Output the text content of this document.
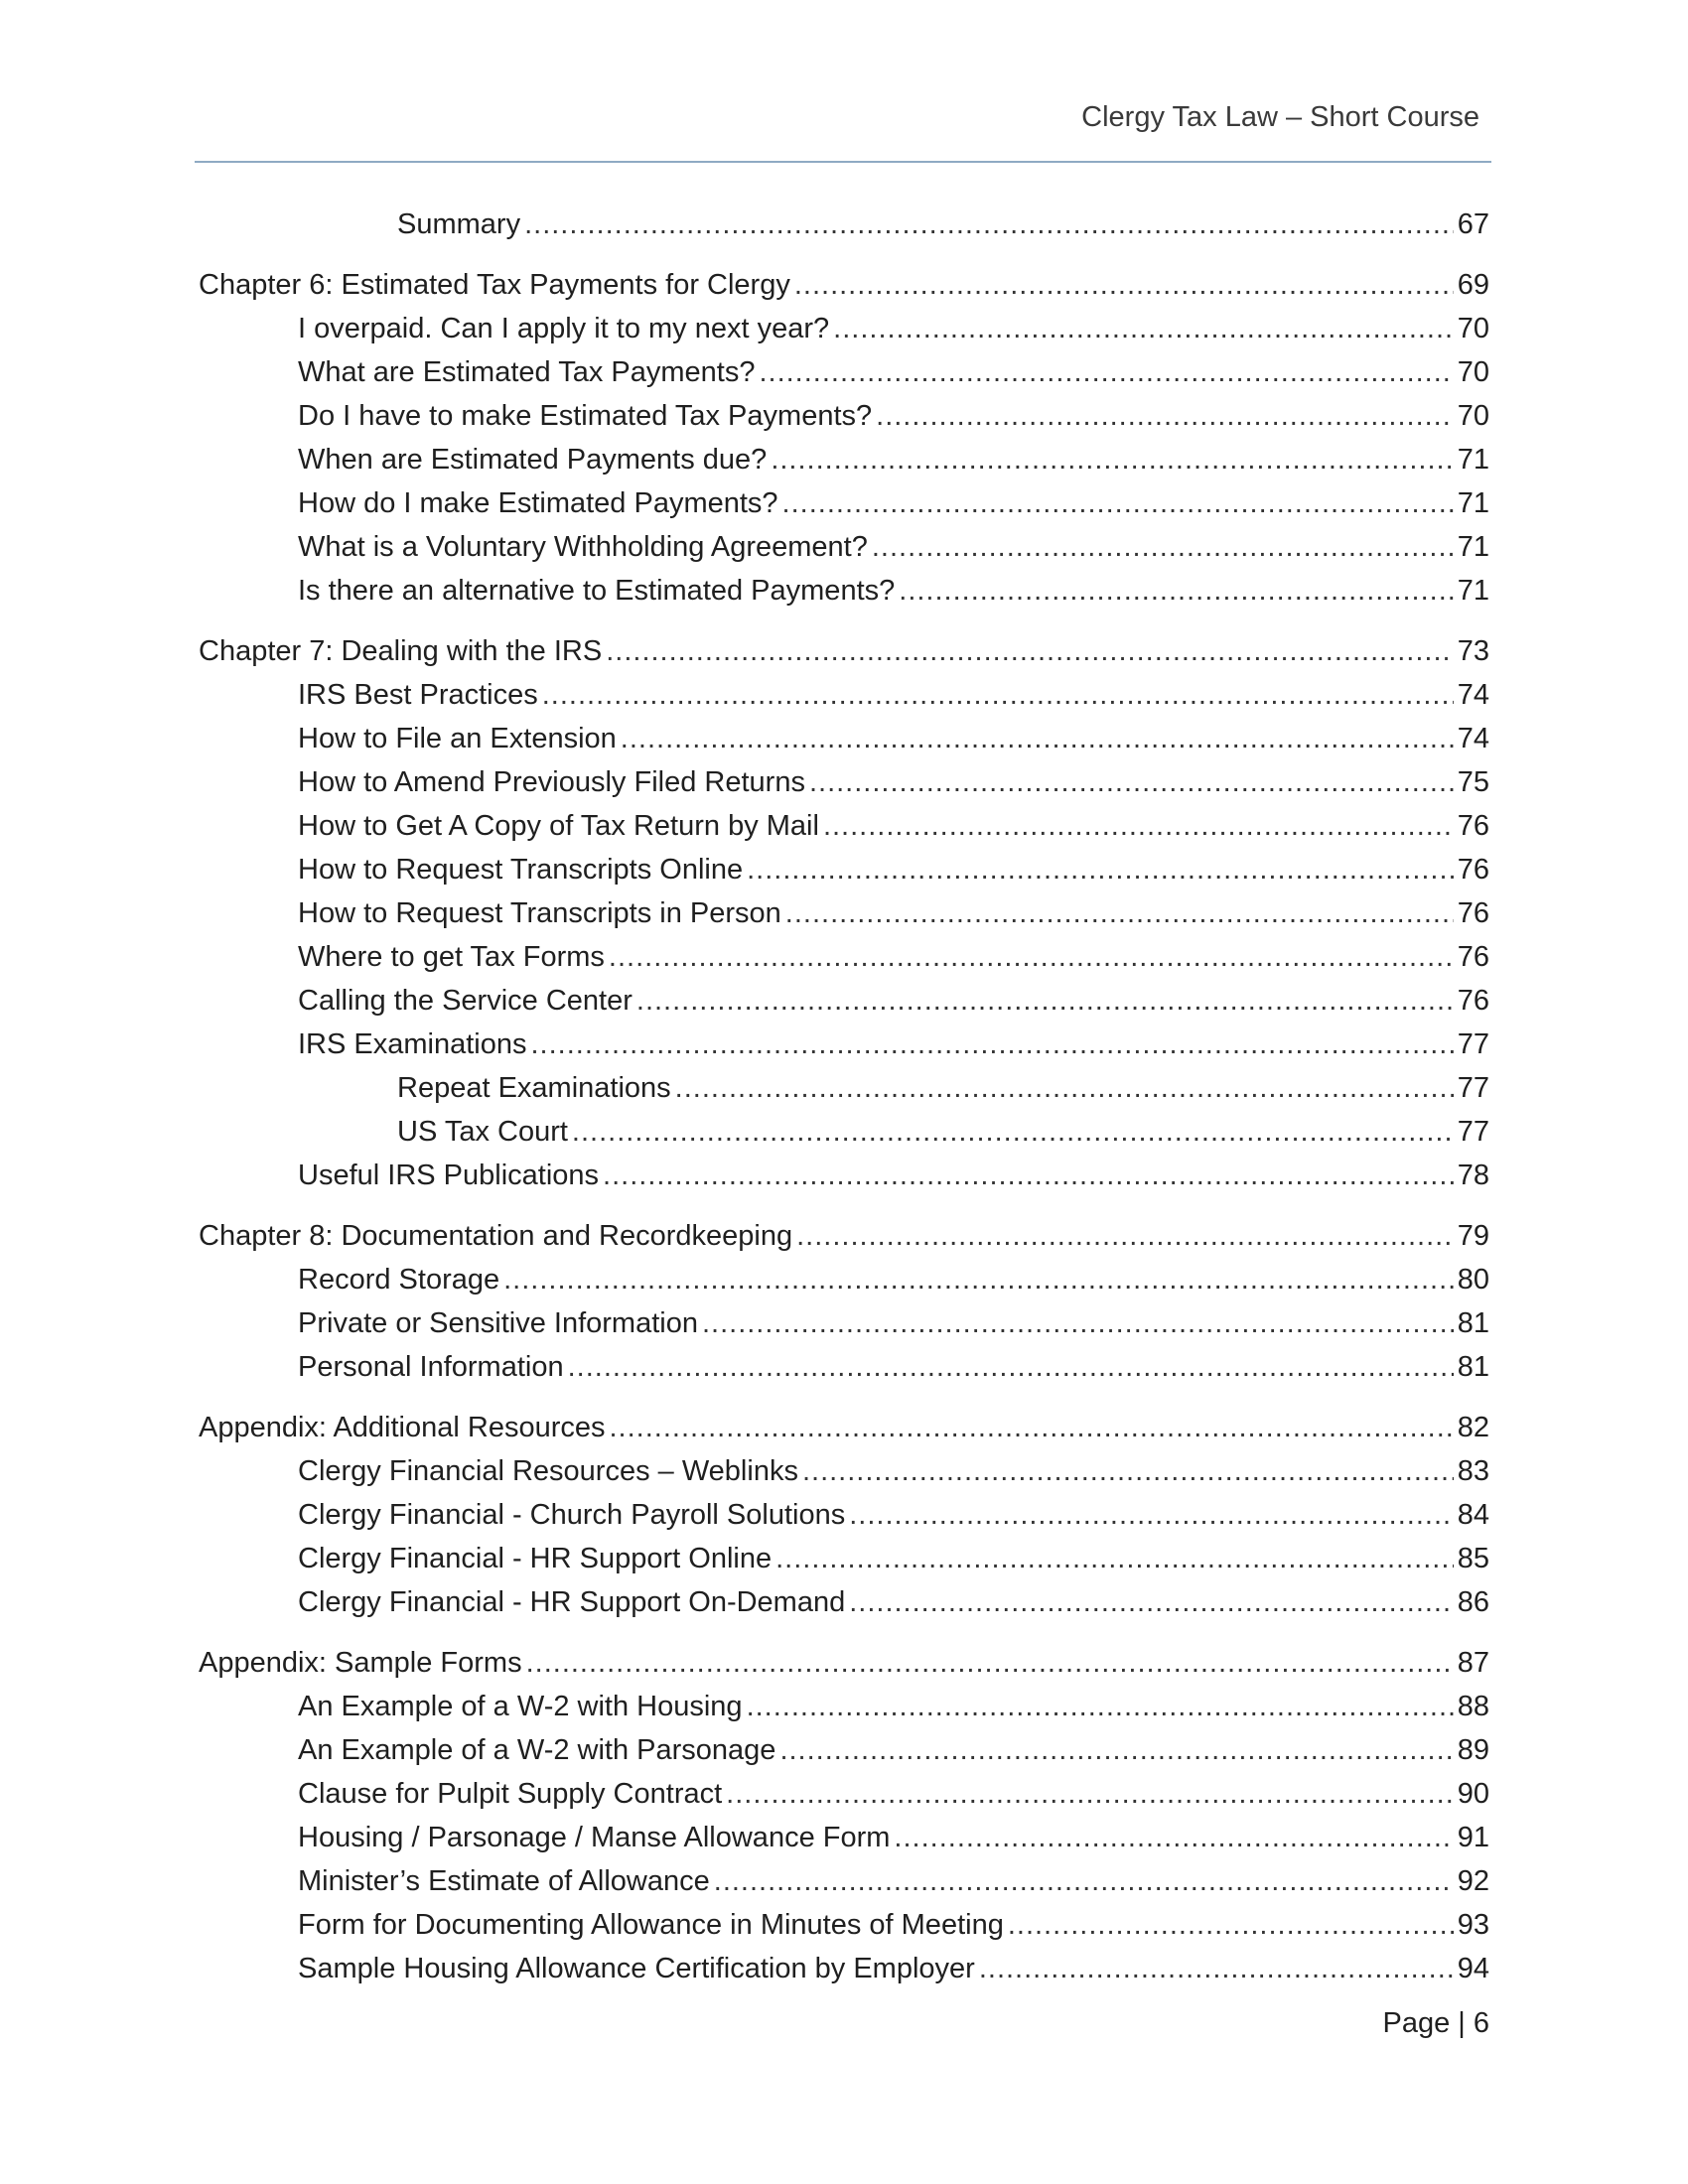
Clergy Tax Law – Short Course
Summary .....	67
Chapter 6: Estimated Tax Payments for Clergy .....	69
I overpaid. Can I apply it to my next year? .....	70
What are Estimated Tax Payments? .....	70
Do I have to make Estimated Tax Payments? .....	70
When are Estimated Payments due? .....	71
How do I make Estimated Payments? .....	71
What is a Voluntary Withholding Agreement? .....	71
Is there an alternative to Estimated Payments? .....	71
Chapter 7: Dealing with the IRS .....	73
IRS Best Practices .....	74
How to File an Extension .....	74
How to Amend Previously Filed Returns .....	75
How to Get A Copy of Tax Return by Mail .....	76
How to Request Transcripts Online .....	76
How to Request Transcripts in Person .....	76
Where to get Tax Forms .....	76
Calling the Service Center .....	76
IRS Examinations .....	77
Repeat Examinations .....	77
US Tax Court .....	77
Useful IRS Publications .....	78
Chapter 8: Documentation and Recordkeeping .....	79
Record Storage .....	80
Private or Sensitive Information .....	81
Personal Information .....	81
Appendix: Additional Resources .....	82
Clergy Financial Resources – Weblinks .....	83
Clergy Financial - Church Payroll Solutions .....	84
Clergy Financial - HR Support Online .....	85
Clergy Financial - HR Support On-Demand .....	86
Appendix: Sample Forms .....	87
An Example of a W-2 with Housing .....	88
An Example of a W-2 with Parsonage .....	89
Clause for Pulpit Supply Contract .....	90
Housing / Parsonage / Manse Allowance Form .....	91
Minister’s Estimate of Allowance .....	92
Form for Documenting Allowance in Minutes of Meeting .....	93
Sample Housing Allowance Certification by Employer .....	94
Page | 6
